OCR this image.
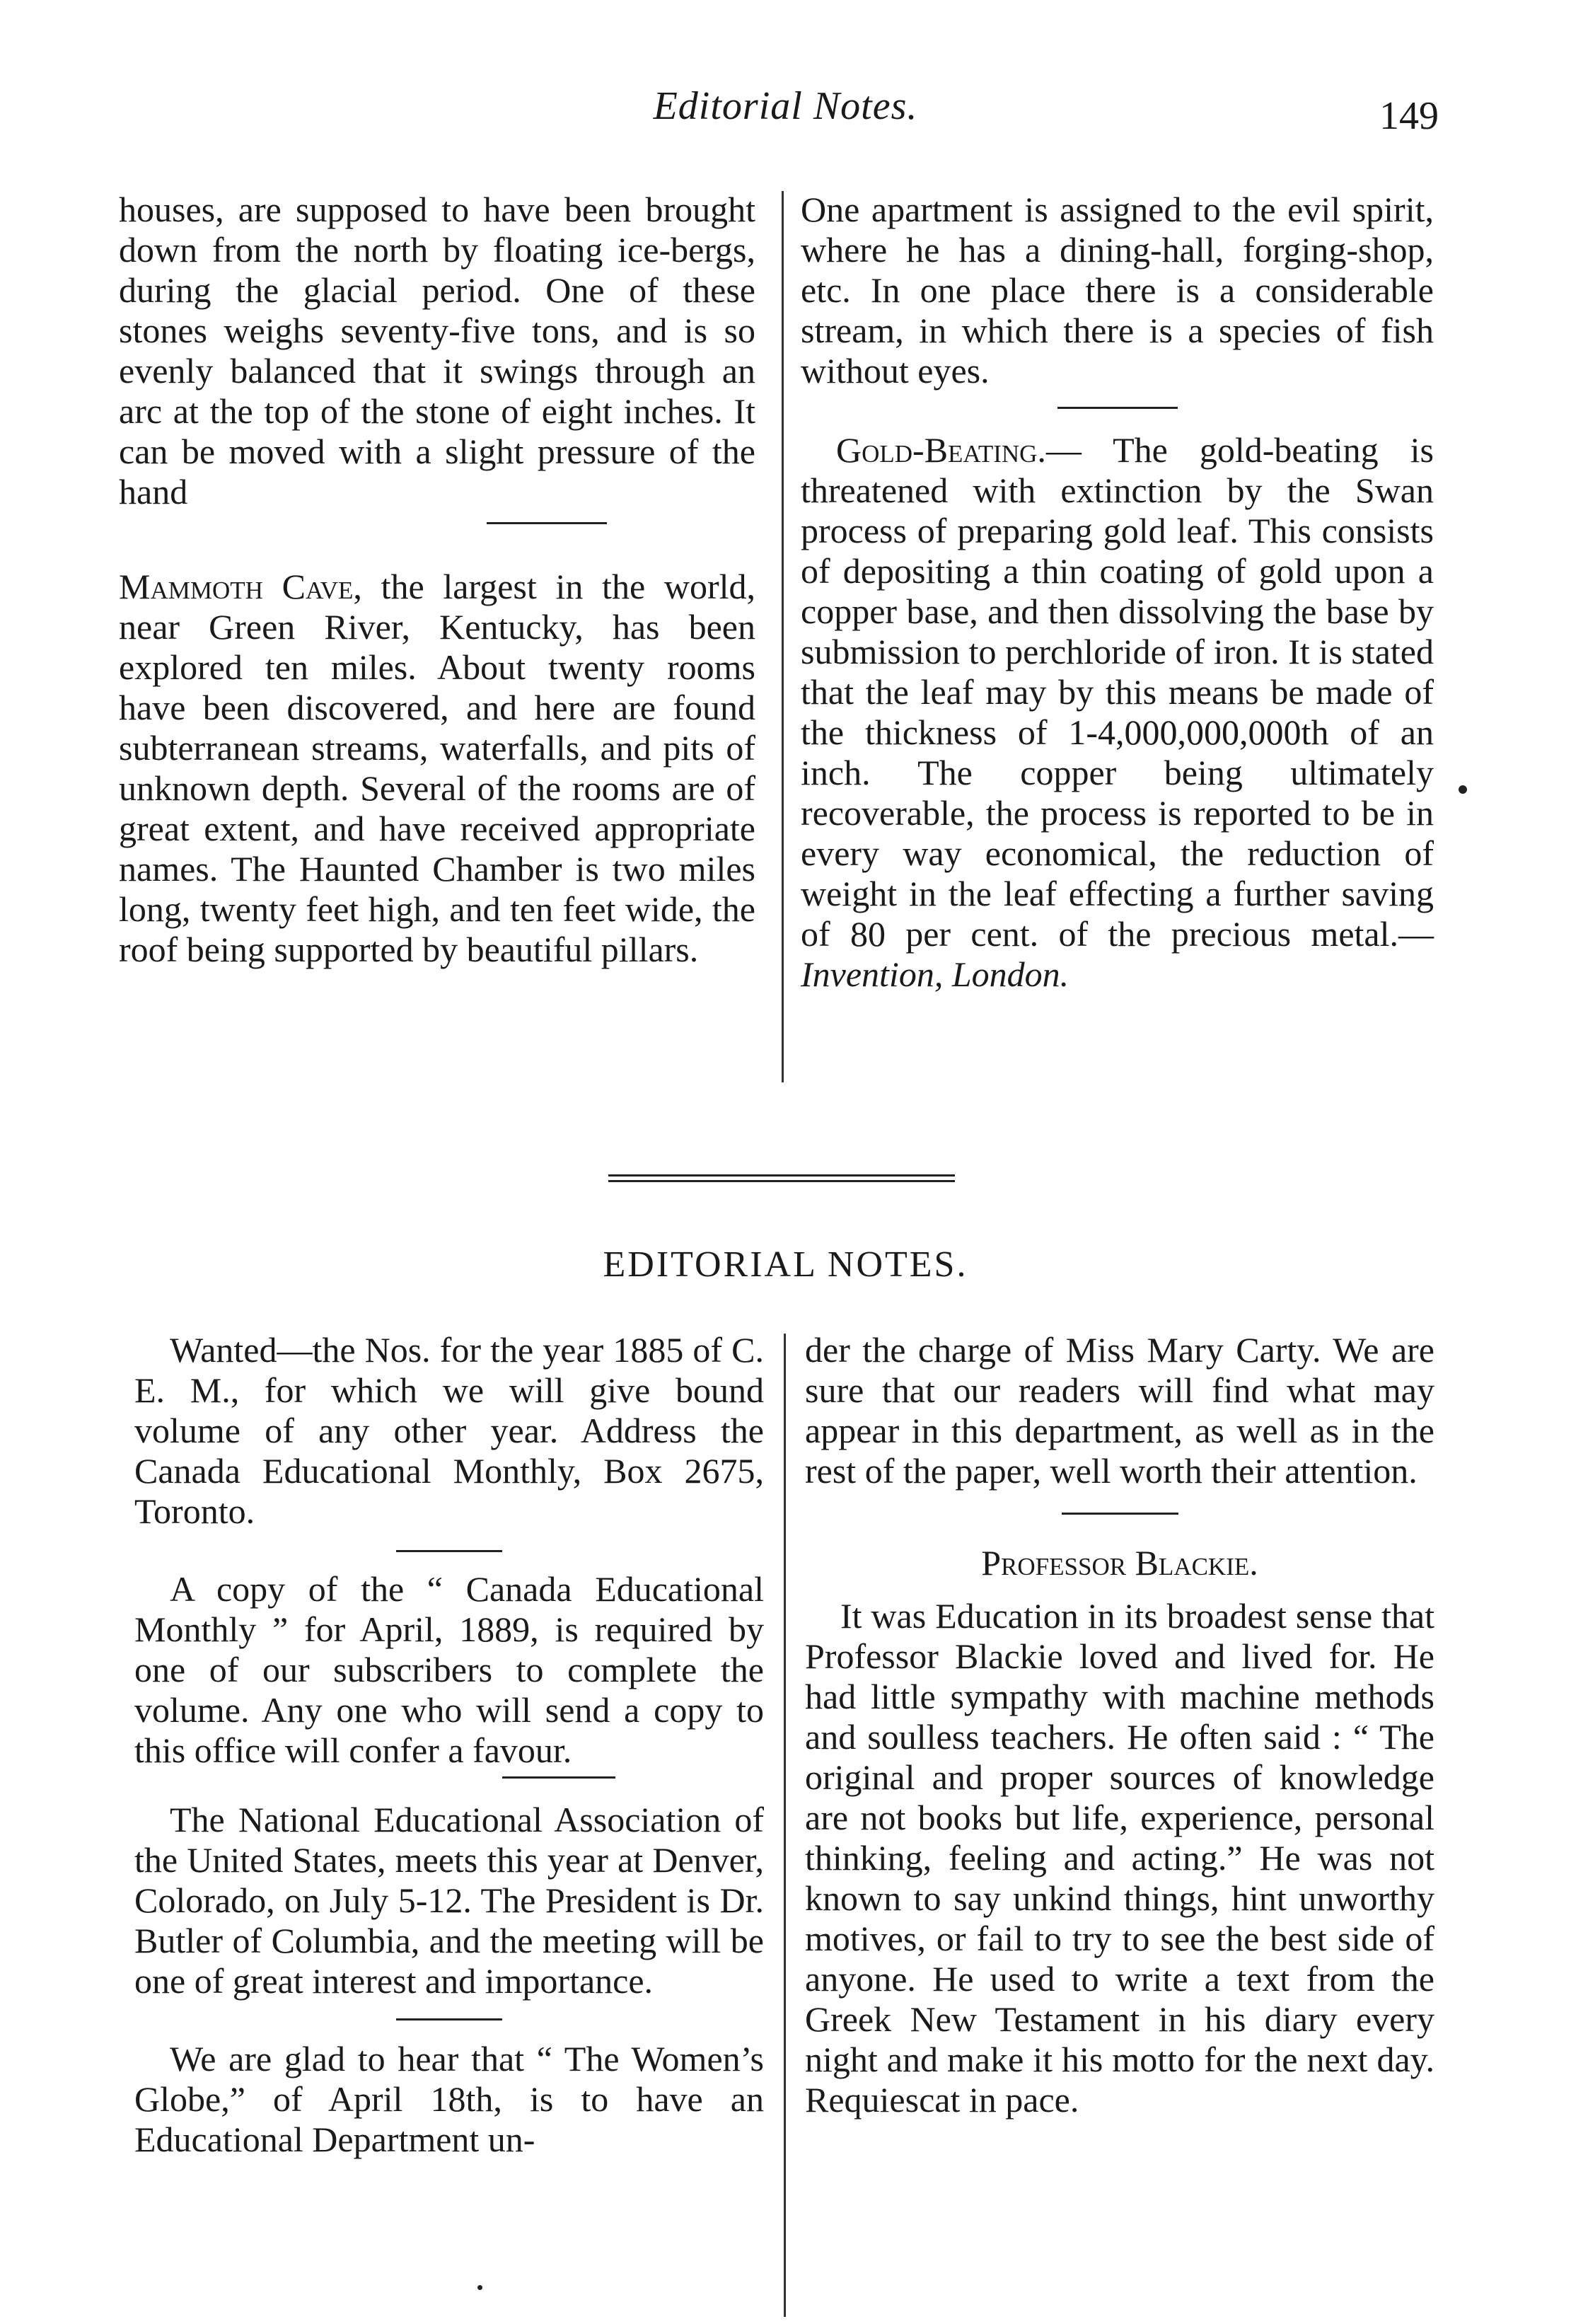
Editorial Notes.	149

houses, are supposed to have been brought down from the north by floating ice-bergs, during the glacial period. One of these stones weighs seventy-five tons, and is so evenly balanced that it swings through an arc at the top of the stone of eight inches. It can be moved with a slight pressure of the hand

Mammoth Cave, the largest in the world, near Green River, Kentucky, has been explored ten miles. About twenty rooms have been discovered, and here are found subterranean streams, waterfalls, and pits of unknown depth. Several of the rooms are of great extent, and have received appropriate names. The Haunted Chamber is two miles long, twenty feet high, and ten feet wide, the roof being supported by beautiful pillars.

One apartment is assigned to the evil spirit, where he has a dining-hall, forging-shop, etc. In one place there is a considerable stream, in which there is a species of fish without eyes.

Gold-Beating.— The gold-beating is threatened with extinction by the Swan process of preparing gold leaf. This consists of depositing a thin coating of gold upon a copper base, and then dissolving the base by submission to perchloride of iron. It is stated that the leaf may by this means be made of the thickness of 1-4,000,000,000th of an inch. The copper being ultimately recoverable, the process is reported to be in every way economical, the reduction of weight in the leaf effecting a further saving of 80 per cent. of the precious metal.—Invention, London.

EDITORIAL NOTES.

Wanted—the Nos. for the year 1885 of C. E. M., for which we will give bound volume of any other year. Address the Canada Educational Monthly, Box 2675, Toronto.

A copy of the “ Canada Educational Monthly ” for April, 1889, is required by one of our subscribers to complete the volume. Any one who will send a copy to this office will confer a favour.

The National Educational Association of the United States, meets this year at Denver, Colorado, on July 5-12. The President is Dr. Butler of Columbia, and the meeting will be one of great interest and importance.

We are glad to hear that “ The Women’s Globe,” of April 18th, is to have an Educational Department un-

der the charge of Miss Mary Carty. We are sure that our readers will find what may appear in this department, as well as in the rest of the paper, well worth their attention.

Professor Blackie.

It was Education in its broadest sense that Professor Blackie loved and lived for. He had little sympathy with machine methods and soulless teachers. He often said : “ The original and proper sources of knowledge are not books but life, experience, personal thinking, feeling and acting.” He was not known to say unkind things, hint unworthy motives, or fail to try to see the best side of anyone. He used to write a text from the Greek New Testament in his diary every night and make it his motto for the next day. Requiescat in pace.
